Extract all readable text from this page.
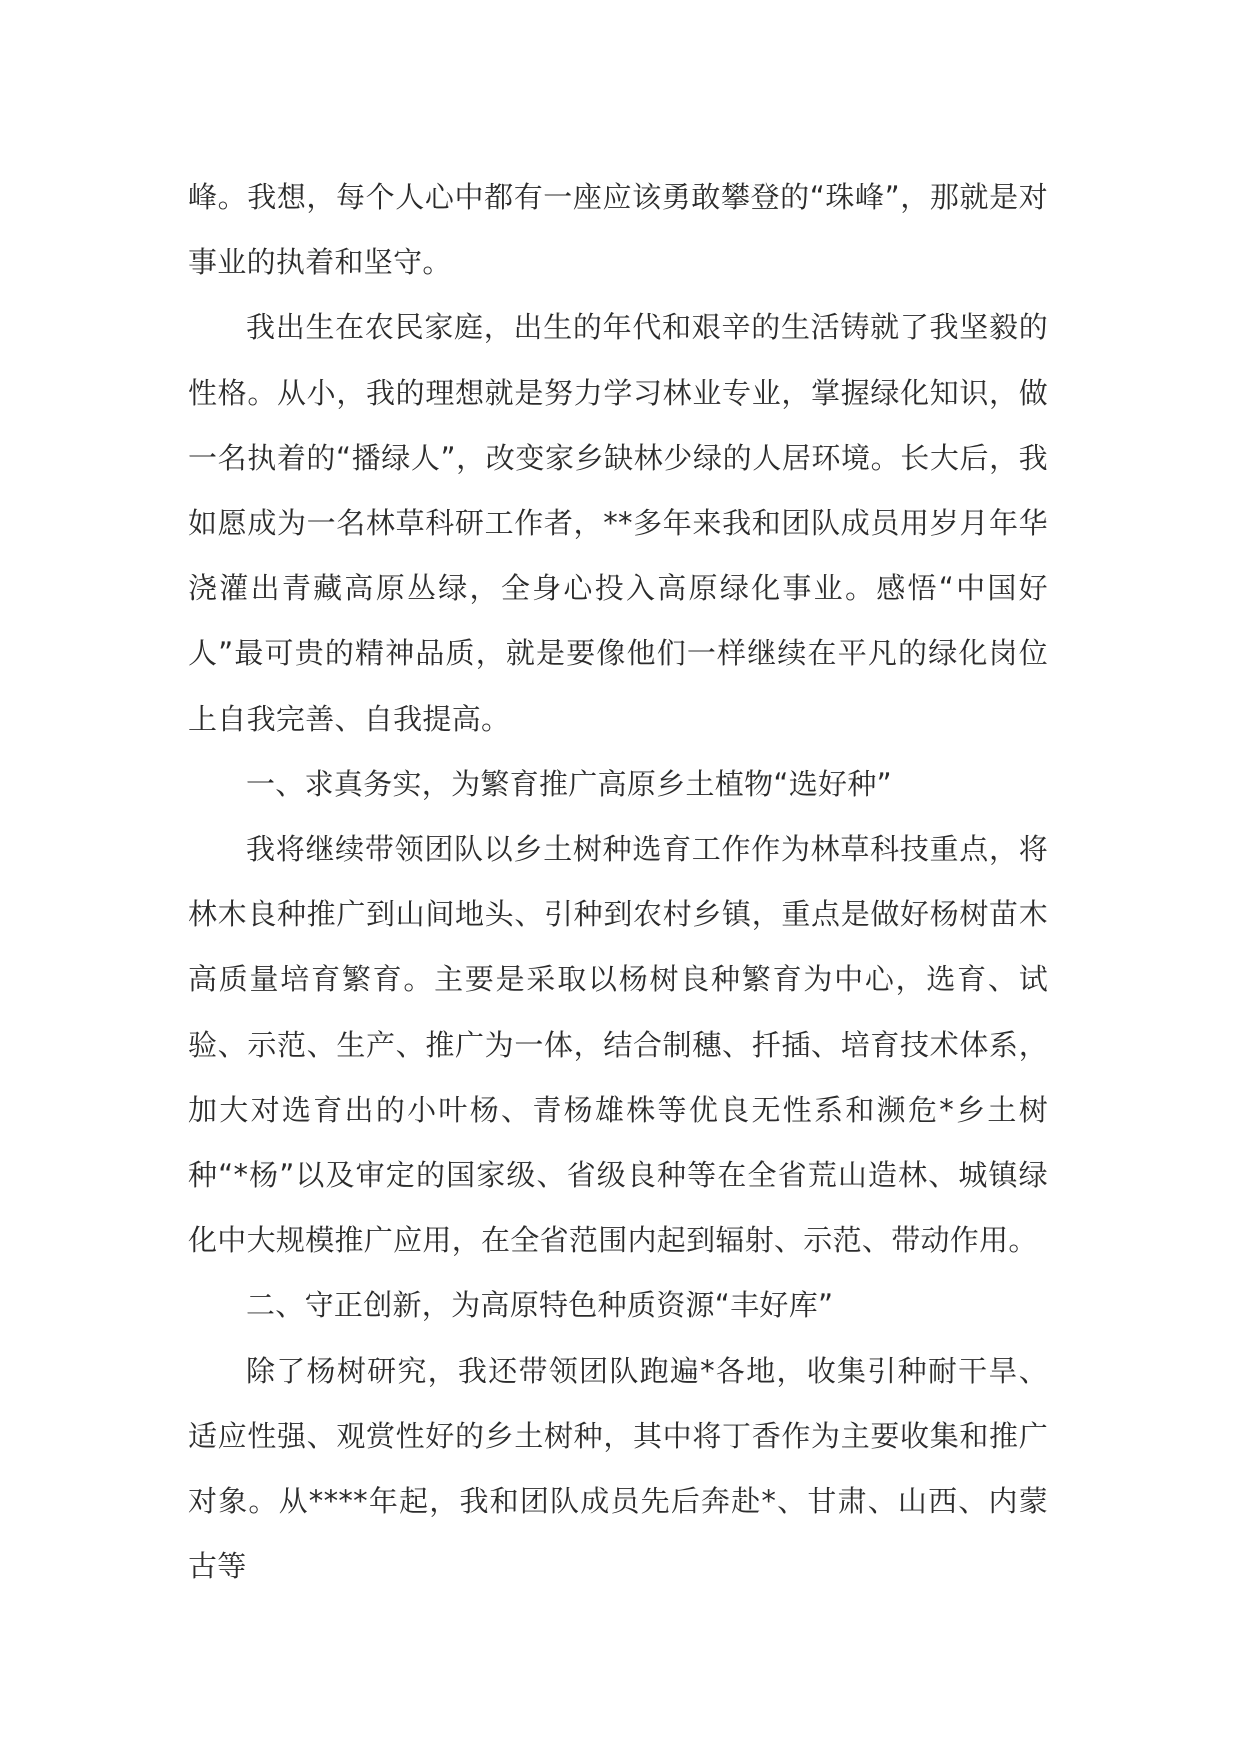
峰。我想，每个人心中都有一座应该勇敢攀登的“珠峰”，那就是对事业的执着和坚守。

我出生在农民家庭，出生的年代和艰辛的生活铸就了我坚毅的性格。从小，我的理想就是努力学习林业专业，掌握绿化知识，做一名执着的“播绿人”，改变家乡缺林少绿的人居环境。长大后，我如愿成为一名林草科研工作者，**多年来我和团队成员用岁月年华浇灌出青藏高原丛绿，全身心投入高原绿化事业。感悟“中国好人”最可贵的精神品质，就是要像他们一样继续在平凡的绿化岗位上自我完善、自我提高。

一、求真务实，为繁育推广高原乡土植物“选好种”

我将继续带领团队以乡土树种选育工作作为林草科技重点，将林木良种推广到山间地头、引种到农村乡镇，重点是做好杨树苗木高质量培育繁育。主要是采取以杨树良种繁育为中心，选育、试验、示范、生产、推广为一体，结合制穗、扦插、培育技术体系，加大对选育出的小叶杨、青杨雄株等优良无性系和濒危*乡土树种“*杨”以及审定的国家级、省级良种等在全省荒山造林、城镇绿化中大规模推广应用，在全省范围内起到辐射、示范、带动作用。

二、守正创新，为高原特色种质资源“丰好库”

除了杨树研究，我还带领团队跑遍*各地，收集引种耐干旱、适应性强、观赏性好的乡土树种，其中将丁香作为主要收集和推广对象。从****年起，我和团队成员先后奔赴*、甘肃、山西、内蒙古等
